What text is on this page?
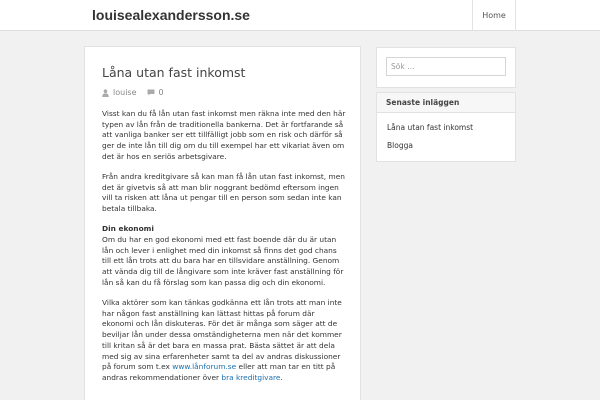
louisealexandersson.se	Home
Låna utan fast inkomst
louise	0

Visst kan du få lån utan fast inkomst men räkna inte med den här typen av lån från de traditionella bankerna. Det är fortfarande så att vanliga banker ser ett tillfälligt jobb som en risk och därför så ger de inte lån till dig om du till exempel har ett vikariat även om det är hos en seriös arbetsgivare.

Från andra kreditgivare så kan man få lån utan fast inkomst, men det är givetvis så att man blir noggrant bedömd eftersom ingen vill ta risken att låna ut pengar till en person som sedan inte kan betala tillbaka.

Din ekonomi
Om du har en god ekonomi med ett fast boende där du är utan lån och lever i enlighet med din inkomst så finns det god chans till ett lån trots att du bara har en tillsvidare anställning. Genom att vända dig till de långivare som inte kräver fast anställning för lån så kan du få förslag som kan passa dig och din ekonomi.

Vilka aktörer som kan tänkas godkänna ett lån trots att man inte har någon fast anställning kan lättast hittas på forum där ekonomi och lån diskuteras. För det är många som säger att de beviljar lån under dessa omständigheterna men när det kommer till kritan så är det bara en massa prat. Bästa sättet är att dela med sig av sina erfarenheter samt ta del av andras diskussioner på forum som t.ex www.lånforum.se eller att man tar en titt på andras rekommendationer över bra kreditgivare.

Sök …
Senaste inläggen
Låna utan fast inkomst
Blogga
